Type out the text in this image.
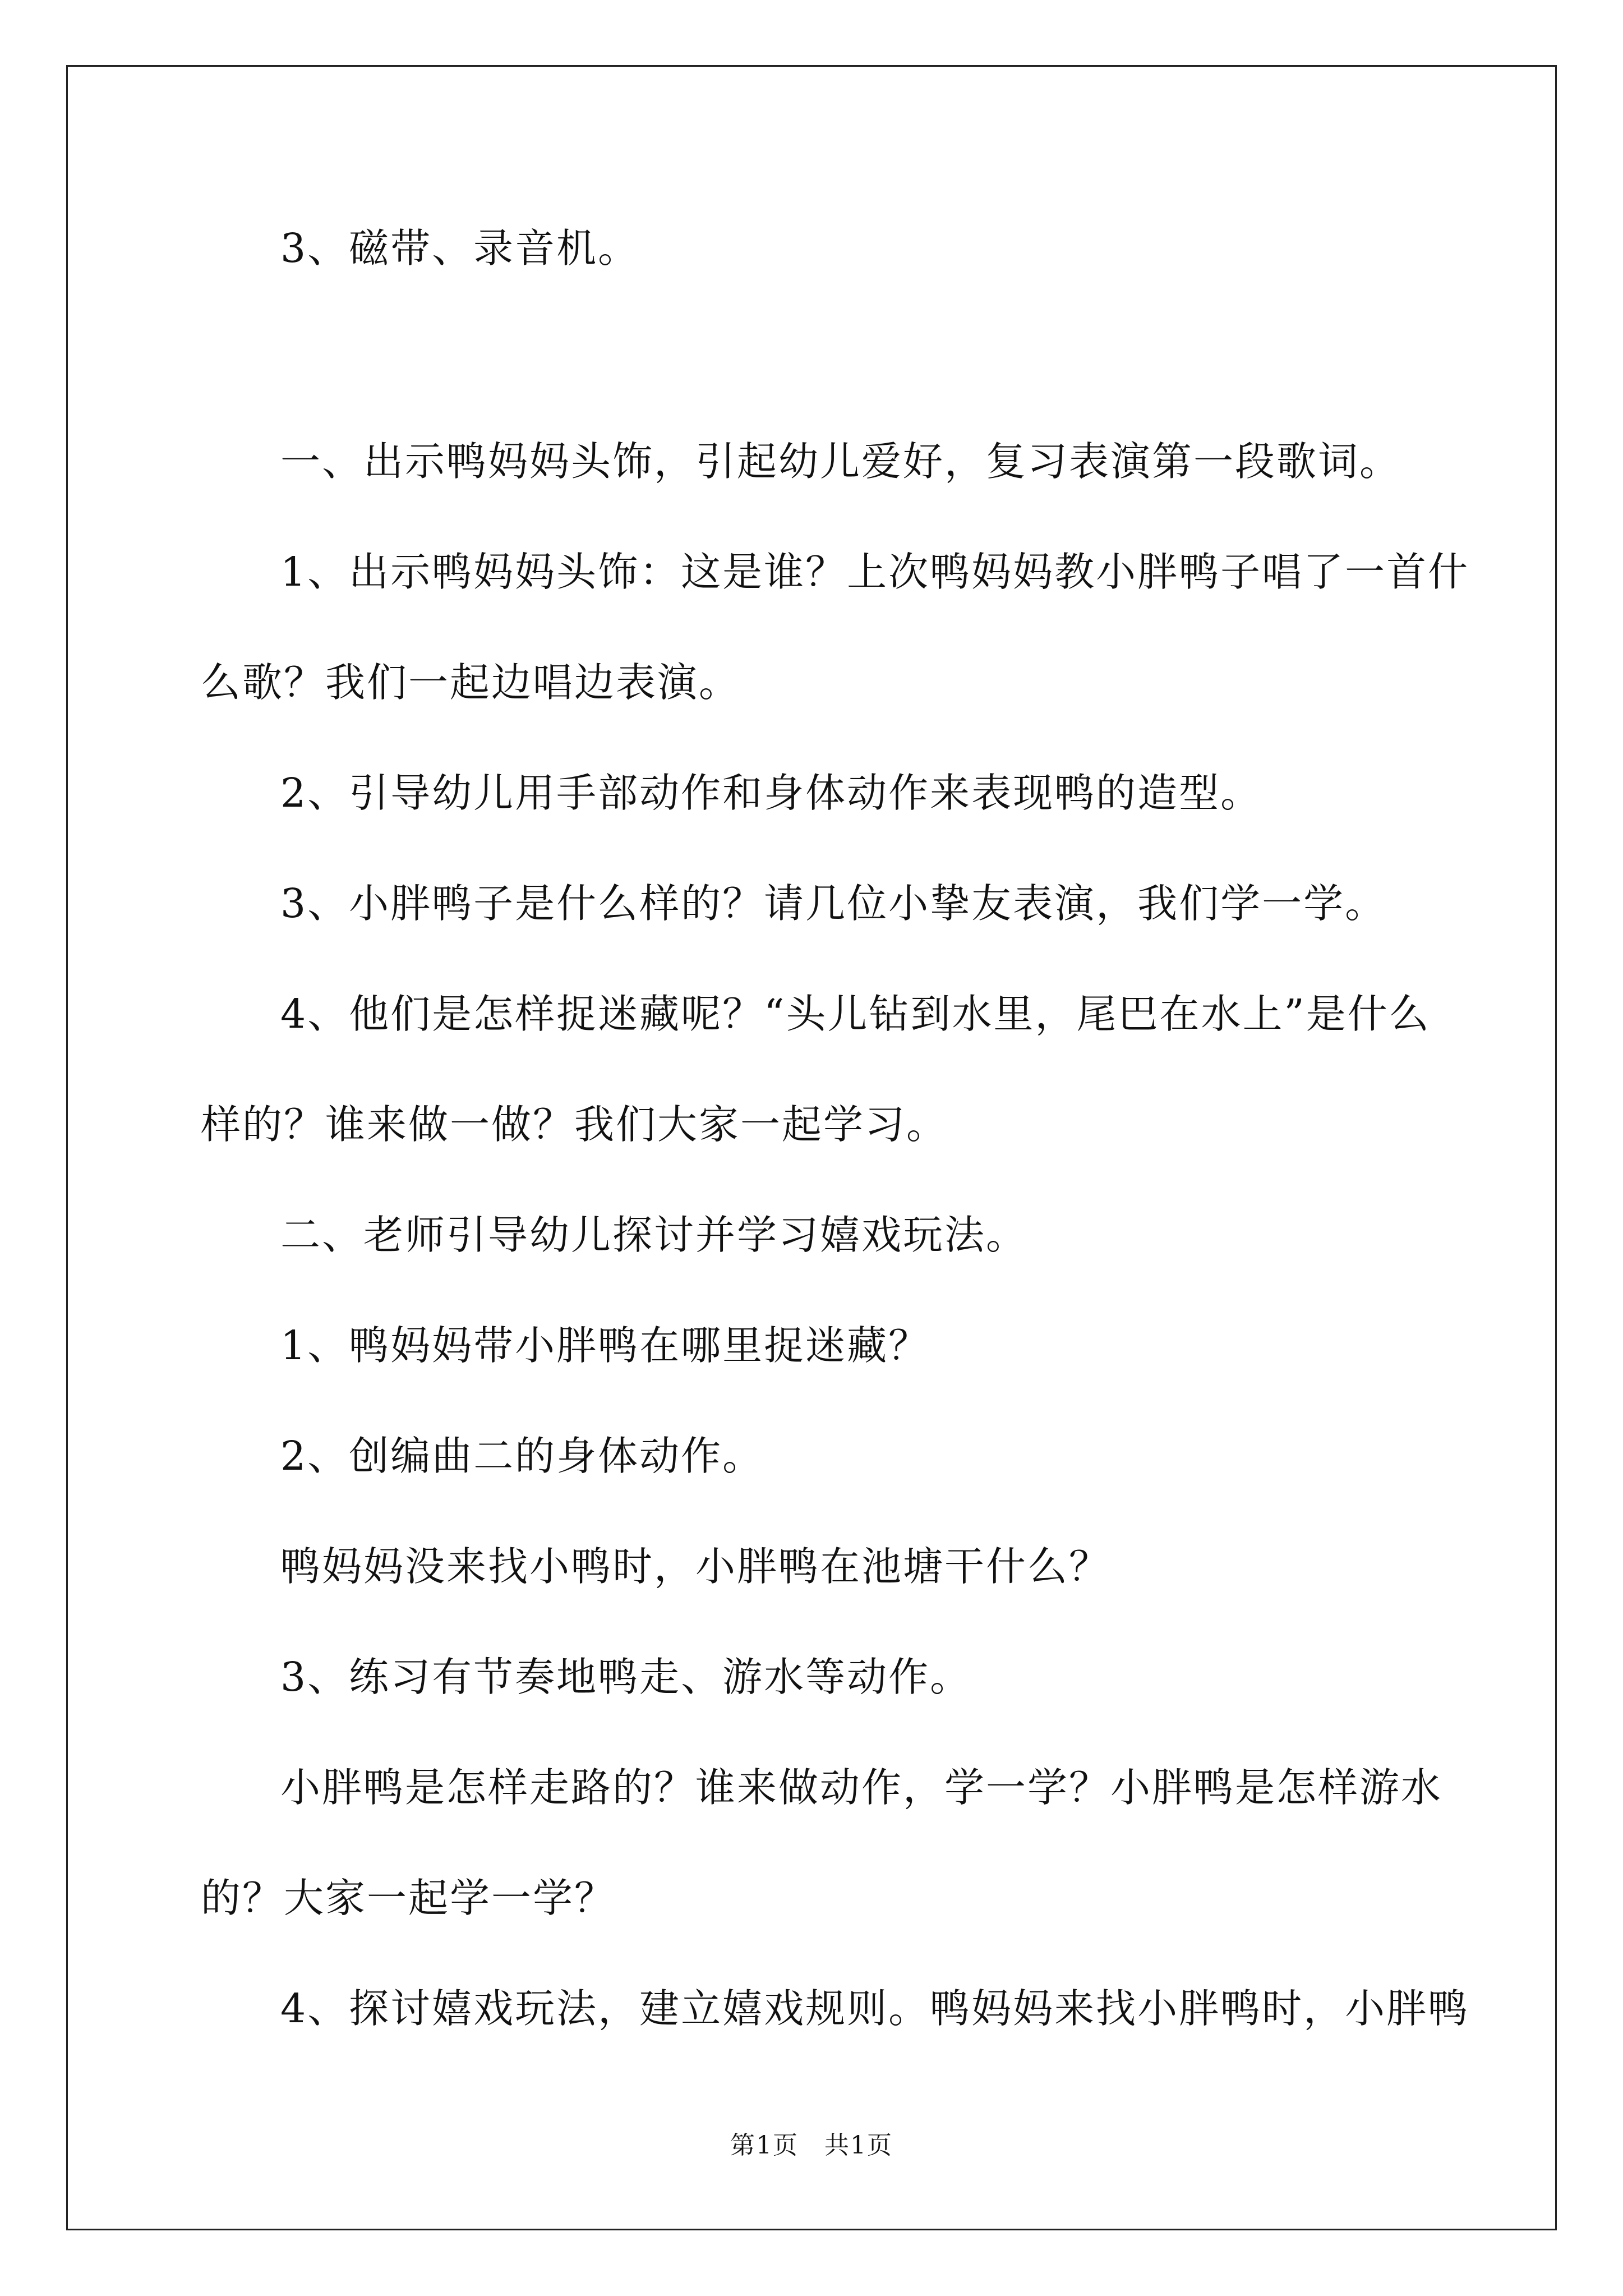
3、磁带、录音机。
一、出示鸭妈妈头饰，引起幼儿爱好，复习表演第一段歌词。
1、出示鸭妈妈头饰：这是谁？上次鸭妈妈教小胖鸭子唱了一首什
么歌？我们一起边唱边表演。
2、引导幼儿用手部动作和身体动作来表现鸭的造型。
3、小胖鸭子是什么样的？请几位小挚友表演，我们学一学。
4、他们是怎样捉迷藏呢？“头儿钻到水里，尾巴在水上”是什么
样的？谁来做一做？我们大家一起学习。
二、老师引导幼儿探讨并学习嬉戏玩法。
1、鸭妈妈带小胖鸭在哪里捉迷藏？
2、创编曲二的身体动作。
鸭妈妈没来找小鸭时，小胖鸭在池塘干什么？
3、练习有节奏地鸭走、游水等动作。
小胖鸭是怎样走路的？谁来做动作，学一学？小胖鸭是怎样游水
的？大家一起学一学？
4、探讨嬉戏玩法，建立嬉戏规则。鸭妈妈来找小胖鸭时，小胖鸭
第1页　共1页
